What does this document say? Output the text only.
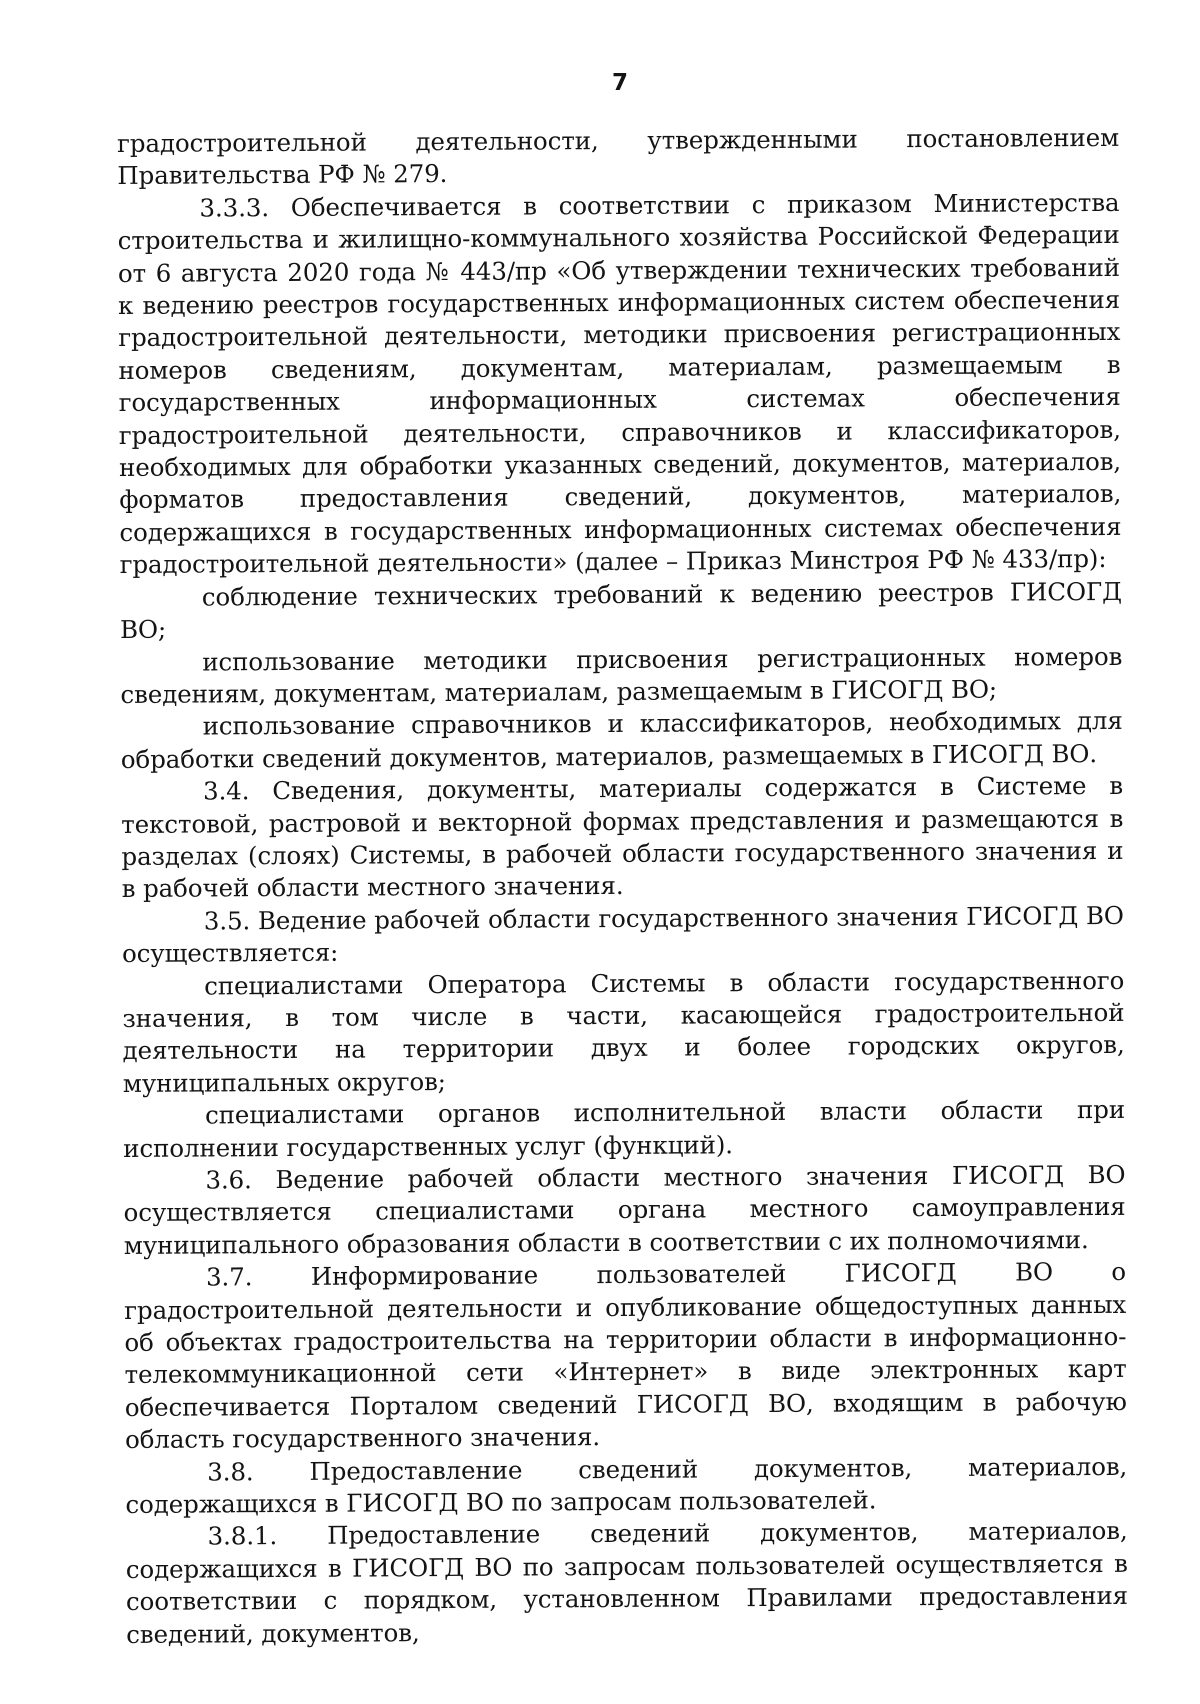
7

градостроительной деятельности, утвержденными постановлением Правительства РФ № 279.

3.3.3. Обеспечивается в соответствии с приказом Министерства строительства и жилищно-коммунального хозяйства Российской Федерации от 6 августа 2020 года № 443/пр «Об утверждении технических требований к ведению реестров государственных информационных систем обеспечения градостроительной деятельности, методики присвоения регистрационных номеров сведениям, документам, материалам, размещаемым в государственных информационных системах обеспечения градостроительной деятельности, справочников и классификаторов, необходимых для обработки указанных сведений, документов, материалов, форматов предоставления сведений, документов, материалов, содержащихся в государственных информационных системах обеспечения градостроительной деятельности» (далее – Приказ Минстроя РФ № 433/пр):

соблюдение технических требований к ведению реестров ГИСОГД ВО;

использование методики присвоения регистрационных номеров сведениям, документам, материалам, размещаемым в ГИСОГД ВО;

использование справочников и классификаторов, необходимых для обработки сведений документов, материалов, размещаемых в ГИСОГД ВО.

3.4. Сведения, документы, материалы содержатся в Системе в текстовой, растровой и векторной формах представления и размещаются в разделах (слоях) Системы, в рабочей области государственного значения и в рабочей области местного значения.

3.5. Ведение рабочей области государственного значения ГИСОГД ВО осуществляется:

специалистами Оператора Системы в области государственного значения, в том числе в части, касающейся градостроительной деятельности на территории двух и более городских округов, муниципальных округов;

специалистами органов исполнительной власти области при исполнении государственных услуг (функций).

3.6. Ведение рабочей области местного значения ГИСОГД ВО осуществляется специалистами органа местного самоуправления муниципального образования области в соответствии с их полномочиями.

3.7. Информирование пользователей ГИСОГД ВО о градостроительной деятельности и опубликование общедоступных данных об объектах градостроительства на территории области в информационно-телекоммуникационной сети «Интернет» в виде электронных карт обеспечивается Порталом сведений ГИСОГД ВО, входящим в рабочую область государственного значения.

3.8. Предоставление сведений документов, материалов, содержащихся в ГИСОГД ВО по запросам пользователей.

3.8.1. Предоставление сведений документов, материалов, содержащихся в ГИСОГД ВО по запросам пользователей осуществляется в соответствии с порядком, установленном Правилами предоставления сведений, документов,
